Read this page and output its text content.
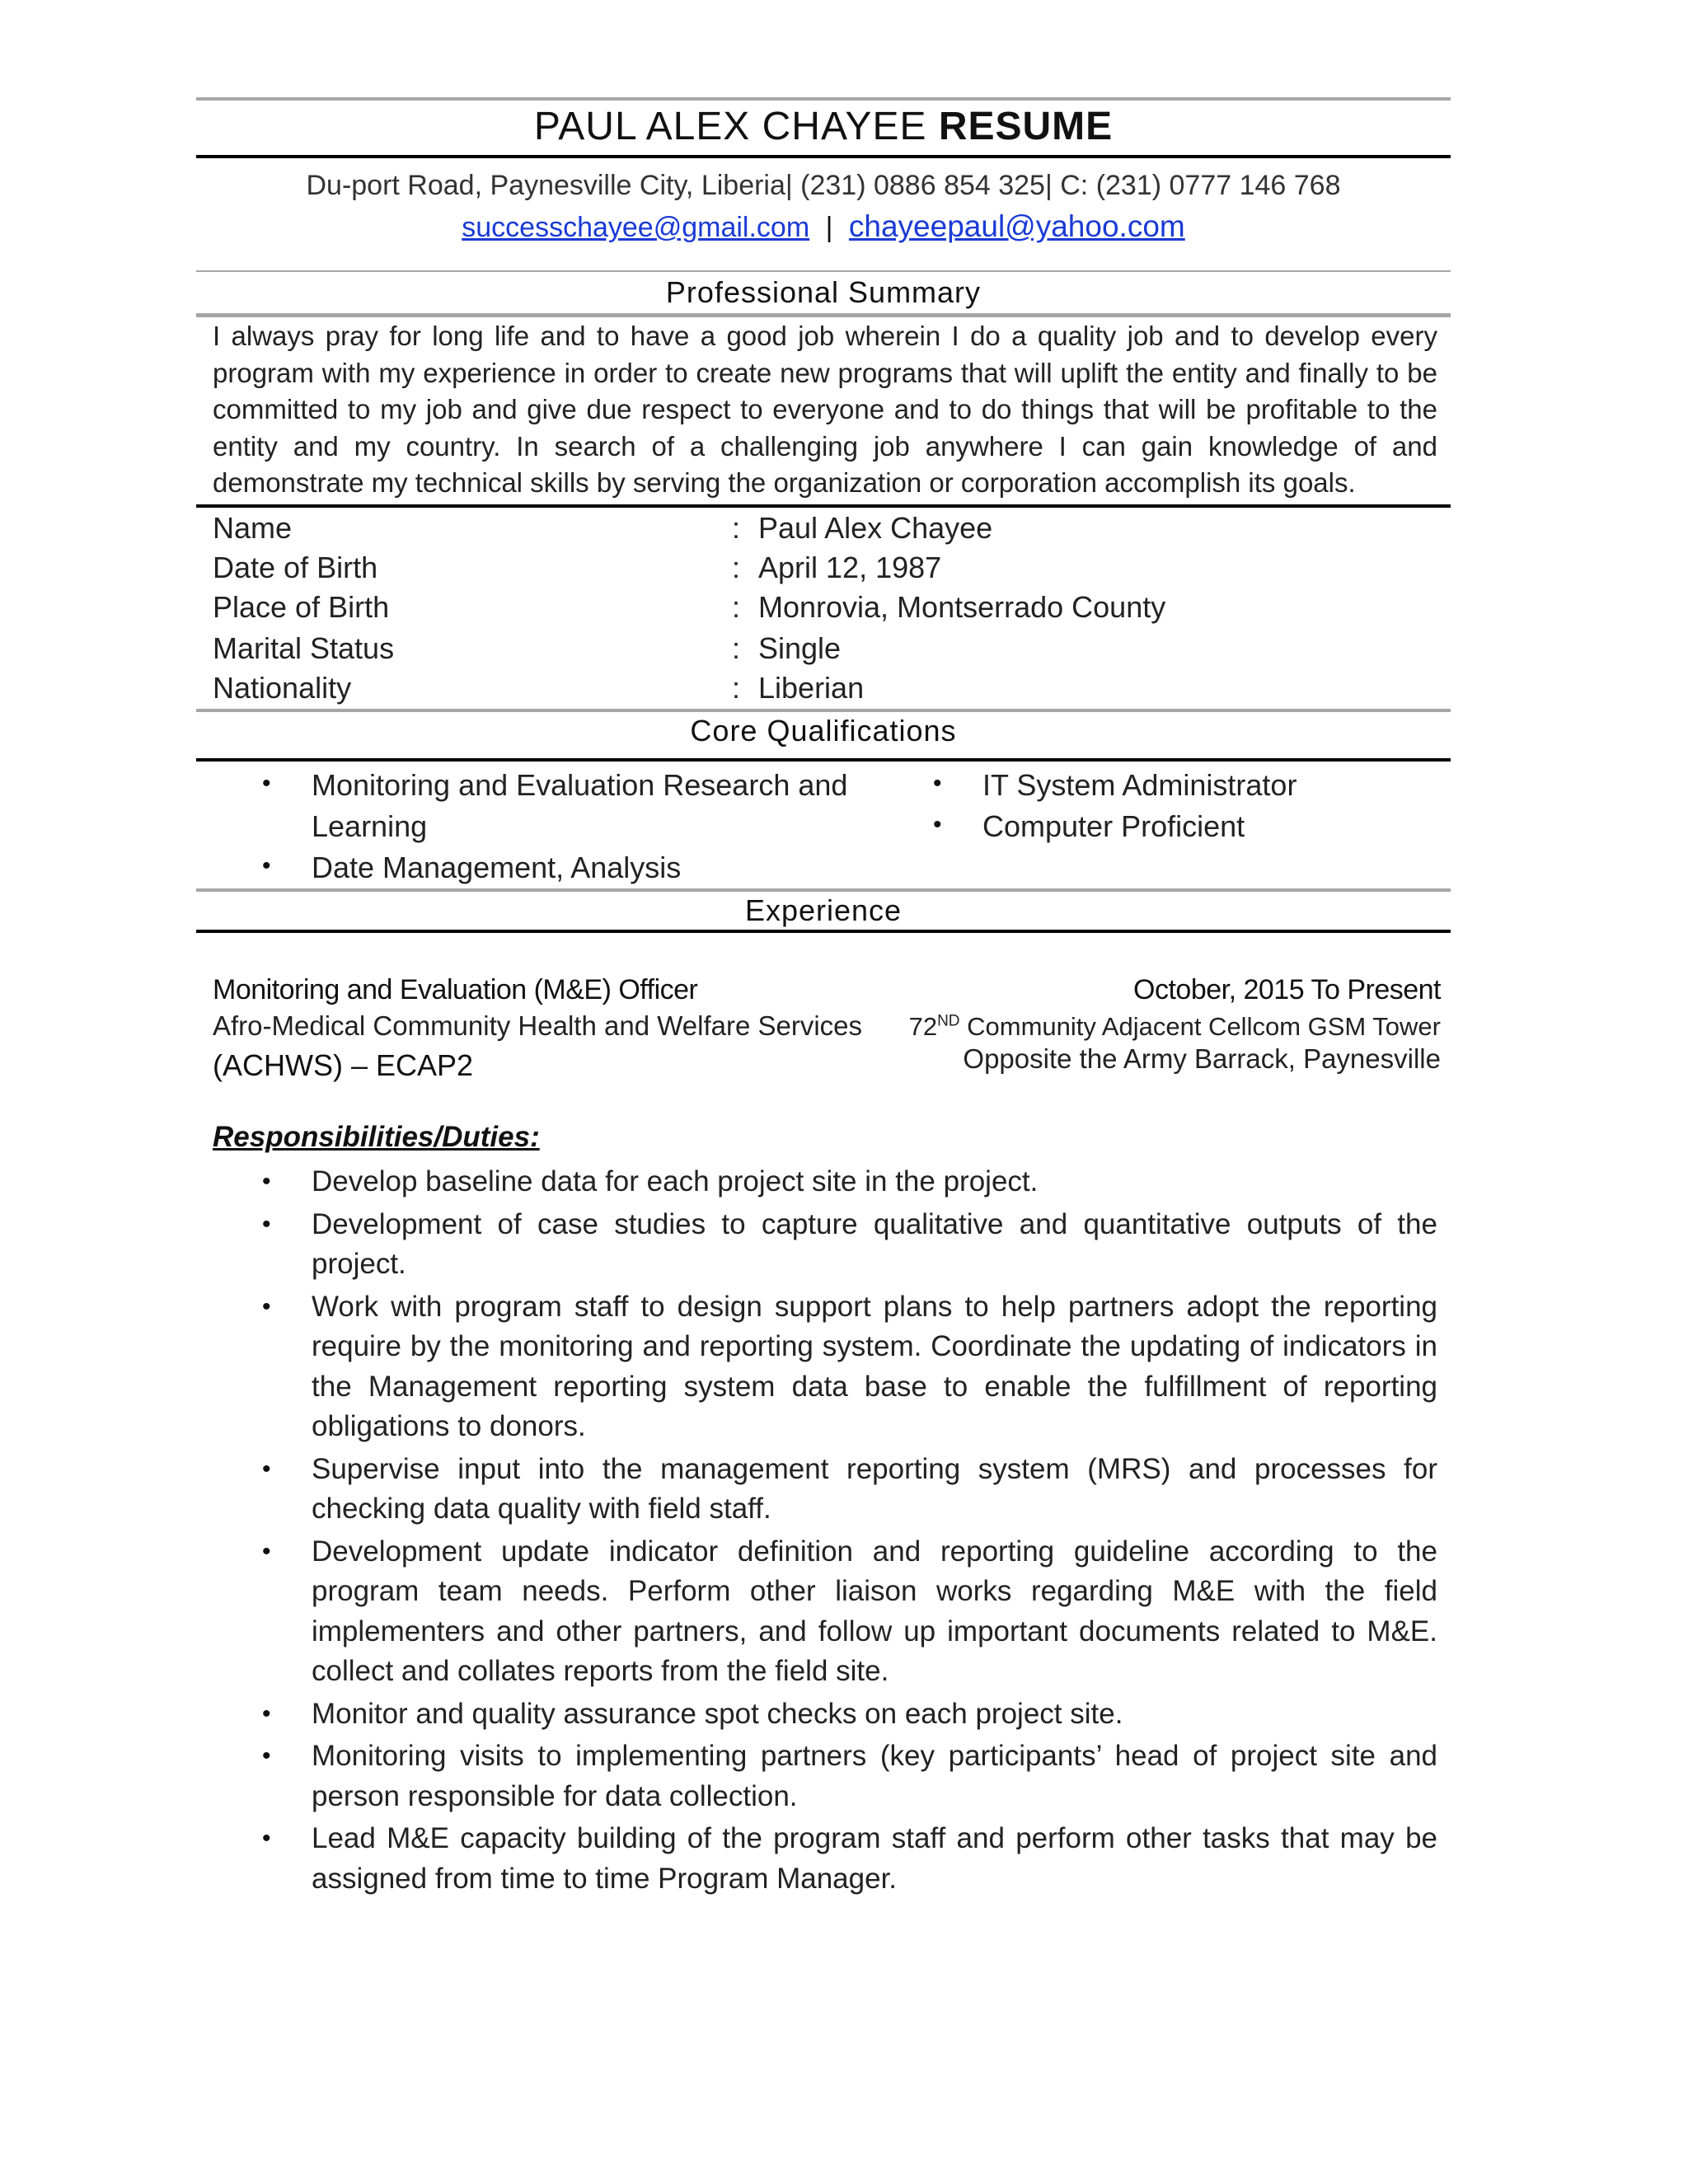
PAUL ALEX CHAYEE RESUME
Du-port Road, Paynesville City, Liberia| (231) 0886 854 325| C: (231) 0777 146 768
successchayee@gmail.com | chayeepaul@yahoo.com
Professional Summary
I always pray for long life and to have a good job wherein I do a quality job and to develop every program with my experience in order to create new programs that will uplift the entity and finally to be committed to my job and give due respect to everyone and to do things that will be profitable to the entity and my country. In search of a challenging job anywhere I can gain knowledge of and demonstrate my technical skills by serving the organization or corporation accomplish its goals.
Name	: Paul Alex Chayee
Date of Birth	: April 12, 1987
Place of Birth	: Monrovia, Montserrado County
Marital Status	: Single
Nationality	: Liberian
Core Qualifications
• Monitoring and Evaluation Research and Learning
• Date Management, Analysis
• IT System Administrator
• Computer Proficient
Experience
Monitoring and Evaluation (M&E) Officer	October, 2015 To Present
Afro-Medical Community Health and Welfare Services
(ACHWS) – ECAP2
72ND Community Adjacent Cellcom GSM Tower
Opposite the Army Barrack, Paynesville
Responsibilities/Duties:
• Develop baseline data for each project site in the project.
• Development of case studies to capture qualitative and quantitative outputs of the project.
• Work with program staff to design support plans to help partners adopt the reporting require by the monitoring and reporting system. Coordinate the updating of indicators in the Management reporting system data base to enable the fulfillment of reporting obligations to donors.
• Supervise input into the management reporting system (MRS) and processes for checking data quality with field staff.
• Development update indicator definition and reporting guideline according to the program team needs. Perform other liaison works regarding M&E with the field implementers and other partners, and follow up important documents related to M&E. collect and collates reports from the field site.
• Monitor and quality assurance spot checks on each project site.
• Monitoring visits to implementing partners (key participants’ head of project site and person responsible for data collection.
• Lead M&E capacity building of the program staff and perform other tasks that may be assigned from time to time Program Manager.
